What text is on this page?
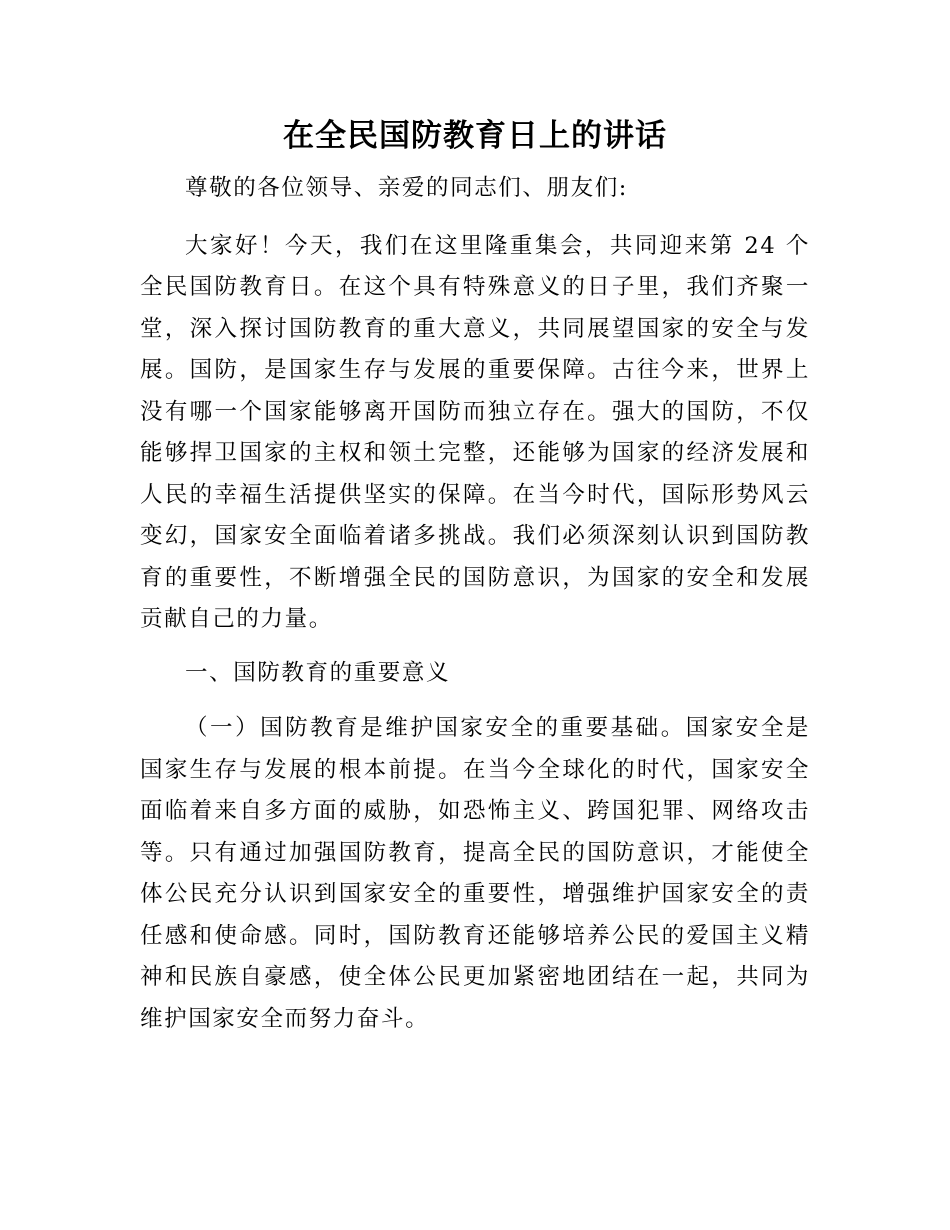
在全民国防教育日上的讲话

尊敬的各位领导、亲爱的同志们、朋友们:

大家好！今天，我们在这里隆重集会，共同迎来第 24 个全民国防教育日。在这个具有特殊意义的日子里，我们齐聚一堂，深入探讨国防教育的重大意义，共同展望国家的安全与发展。国防，是国家生存与发展的重要保障。古往今来，世界上没有哪一个国家能够离开国防而独立存在。强大的国防，不仅能够捍卫国家的主权和领土完整，还能够为国家的经济发展和人民的幸福生活提供坚实的保障。在当今时代，国际形势风云变幻，国家安全面临着诸多挑战。我们必须深刻认识到国防教育的重要性，不断增强全民的国防意识，为国家的安全和发展贡献自己的力量。

一、国防教育的重要意义

（一）国防教育是维护国家安全的重要基础。国家安全是国家生存与发展的根本前提。在当今全球化的时代，国家安全面临着来自多方面的威胁，如恐怖主义、跨国犯罪、网络攻击等。只有通过加强国防教育，提高全民的国防意识，才能使全体公民充分认识到国家安全的重要性，增强维护国家安全的责任感和使命感。同时，国防教育还能够培养公民的爱国主义精神和民族自豪感，使全体公民更加紧密地团结在一起，共同为维护国家安全而努力奋斗。
